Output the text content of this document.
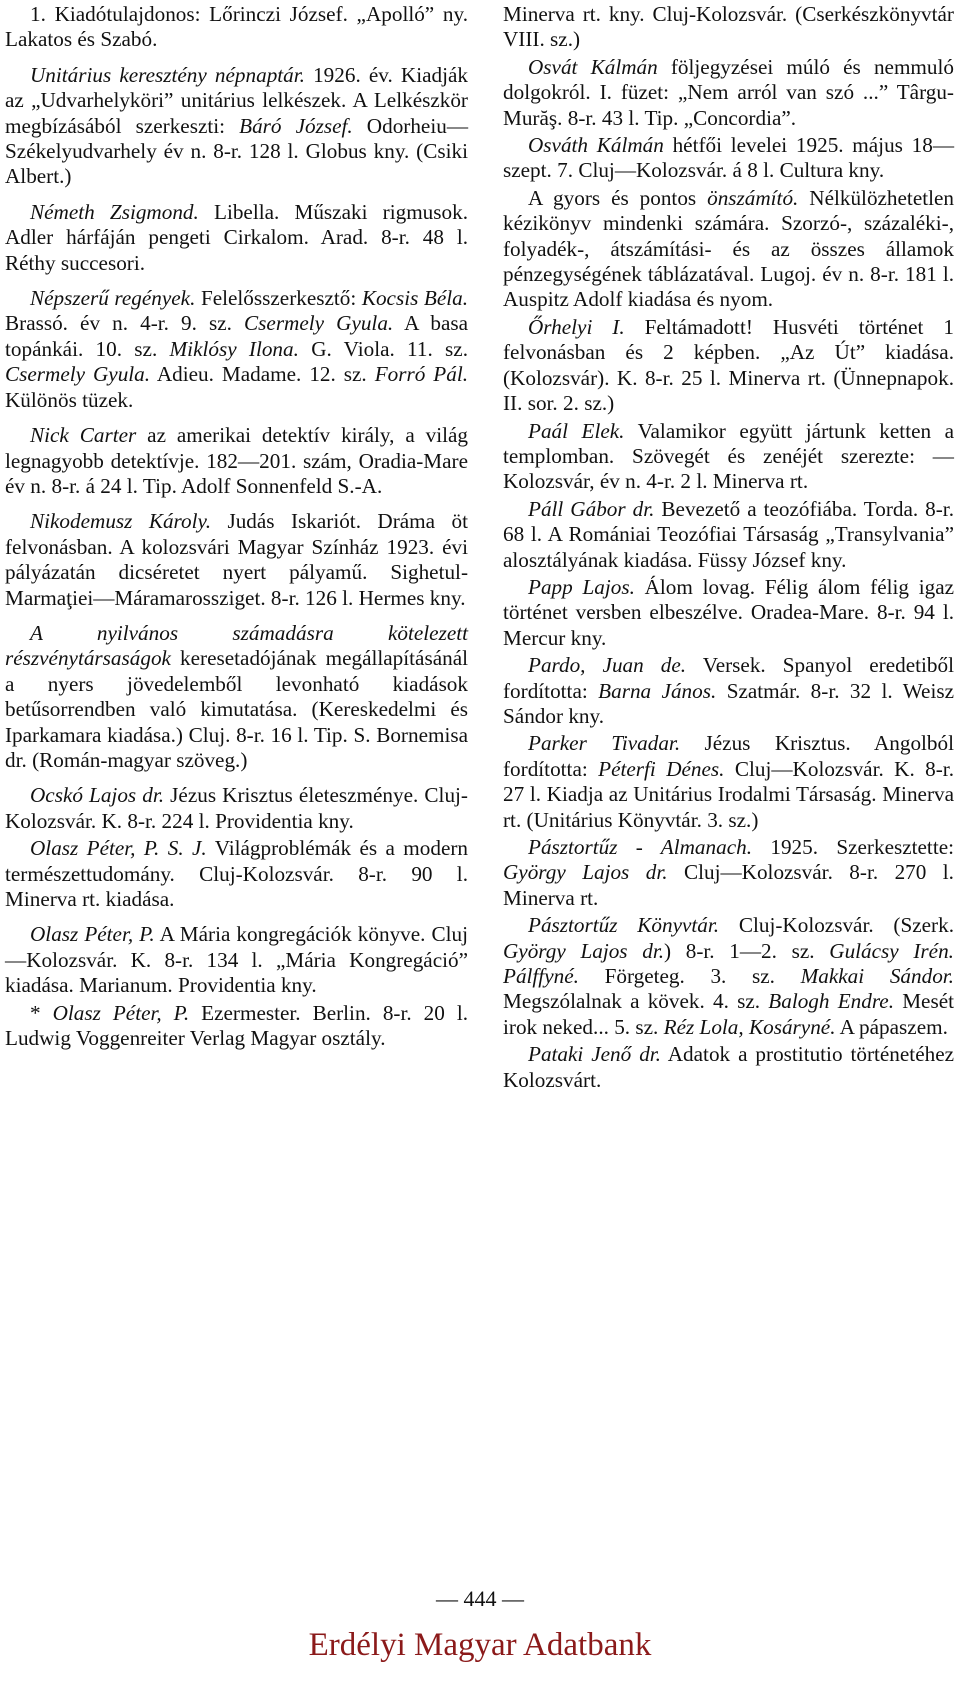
1. Kiadótulajdonos: Lőrinczi József. „Apolló” ny. Lakatos és Szabó.
Unitárius keresztény népnaptár. 1926. év. Kiadják az „Udvarhelyköri” unitárius lelkészek. A Lelkészkör megbízásából szerkeszti: Báró József. Odorheiu—Székelyudvarhely év n. 8-r. 128 l. Globus kny. (Csiki Albert.)
Németh Zsigmond. Libella. Műszaki rigmusok. Adler hárfáján pengeti Cirkalom. Arad. 8-r. 48 l. Réthy succesori.
Népszerű regények. Felelősszerkesztő: Kocsis Béla. Brassó. év n. 4-r. 9. sz. Csermely Gyula. A basa topánkái. 10. sz. Miklósy Ilona. G. Viola. 11. sz. Csermely Gyula. Adieu. Madame. 12. sz. Forró Pál. Különös tüzek.
Nick Carter az amerikai detektív király, a világ legnagyobb detektívje. 182—201. szám, Oradia-Mare év n. 8-r. á 24 l. Tip. Adolf Sonnenfeld S.-A.
Nikodemusz Károly. Judás Iskariót. Dráma öt felvonásban. A kolozsvári Magyar Színház 1923. évi pályázatán dicséretet nyert pályamű. Sighetul-Marmaţiei—Máramarossziget. 8-r. 126 l. Hermes kny.
A nyilvános számadásra kötelezett részvénytársaságok keresetadójának megállapításánál a nyers jövedelemből levonható kiadások betűsorrendben való kimutatása. (Kereskedelmi és Iparkamara kiadása.) Cluj. 8-r. 16 l. Tip. S. Bornemisa dr. (Román-magyar szöveg.)
Ocskó Lajos dr. Jézus Krisztus életeszménye. Cluj-Kolozsvár. K. 8-r. 224 l. Providentia kny.
Olasz Péter, P. S. J. Világproblémák és a modern természettudomány. Cluj-Kolozsvár. 8-r. 90 l. Minerva rt. kiadása.
Olasz Péter, P. A Mária kongregációk könyve. Cluj—Kolozsvár. K. 8-r. 134 l. „Mária Kongregáció” kiadása. Marianum. Providentia kny.
* Olasz Péter, P. Ezermester. Berlin. 8-r. 20 l. Ludwig Voggenreiter Verlag Magyar osztály.
Minerva rt. kny. Cluj-Kolozsvár. (Cserkészkönyvtár VIII. sz.)
Osvát Kálmán följegyzései múló és nemmuló dolgokról. I. füzet: „Nem arról van szó ...” Târgu-Murăş. 8-r. 43 l. Tip. „Concordia”.
Osváth Kálmán hétfői levelei 1925. május 18—szept. 7. Cluj—Kolozsvár. á 8 l. Cultura kny.
A gyors és pontos önszámító. Nélkülözhetetlen kézikönyv mindenki számára. Szorzó-, százaléki-, folyadék-, átszámítási- és az összes államok pénzegységének táblázatával. Lugoj. év n. 8-r. 181 l. Auspitz Adolf kiadása és nyom.
Őrhelyi I. Feltámadott! Husvéti történet 1 felvonásban és 2 képben. „Az Út” kiadása. (Kolozsvár). K. 8-r. 25 l. Minerva rt. (Ünnepnapok. II. sor. 2. sz.)
Paál Elek. Valamikor együtt jártunk ketten a templomban. Szövegét és zenéjét szerezte: — Kolozsvár, év n. 4-r. 2 l. Minerva rt.
Páll Gábor dr. Bevezető a teozófiába. Torda. 8-r. 68 l. A Romániai Teozófiai Társaság „Transylvania” alosztályának kiadása. Füssy József kny.
Papp Lajos. Álom lovag. Félig álom félig igaz történet versben elbeszélve. Oradea-Mare. 8-r. 94 l. Mercur kny.
Pardo, Juan de. Versek. Spanyol eredetiből fordította: Barna János. Szatmár. 8-r. 32 l. Weisz Sándor kny.
Parker Tivadar. Jézus Krisztus. Angolból fordította: Péterfi Dénes. Cluj—Kolozsvár. K. 8-r. 27 l. Kiadja az Unitárius Irodalmi Társaság. Minerva rt. (Unitárius Könyvtár. 3. sz.)
Pásztortűz - Almanach. 1925. Szerkesztette: György Lajos dr. Cluj—Kolozsvár. 8-r. 270 l. Minerva rt.
Pásztortűz Könyvtár. Cluj-Kolozsvár. (Szerk. György Lajos dr.) 8-r. 1—2. sz. Gulácsy Irén. Pálffyné. Förgeteg. 3. sz. Makkai Sándor. Megszólalnak a kövek. 4. sz. Balogh Endre. Mesét irok neked... 5. sz. Réz Lola, Kosáryné. A pápaszem.
Pataki Jenő dr. Adatok a prostitutio történetéhez Kolozsvárt.
— 444 —
Erdélyi Magyar Adatbank
